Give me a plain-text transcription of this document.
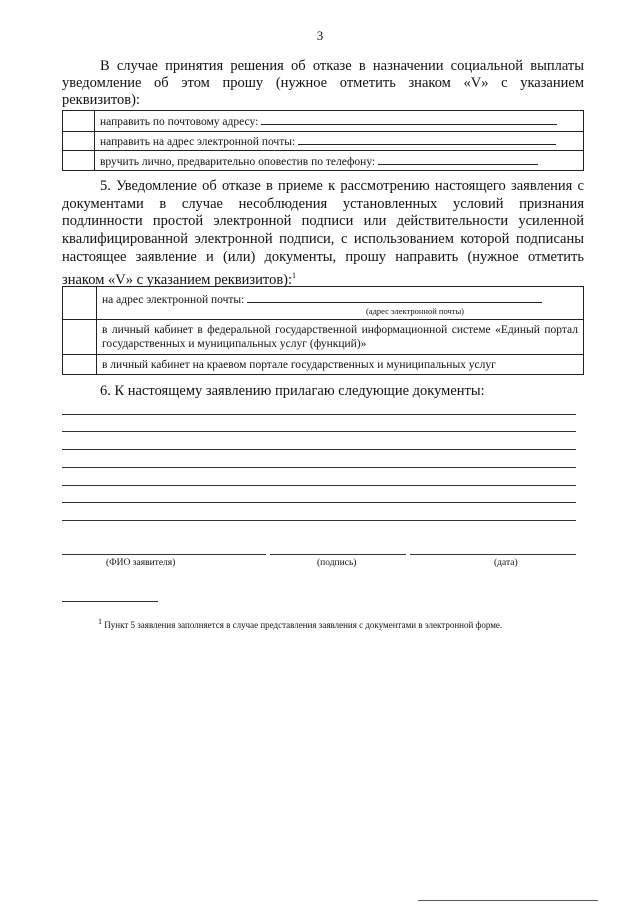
3
В случае принятия решения об отказе в назначении социальной выплаты уведомление об этом прошу (нужное отметить знаком «V» с указанием реквизитов):
	направить по почтовому адресу:
	направить на адрес электронной почты:
	вручить лично, предварительно оповестив по телефону:
5. Уведомление об отказе в приеме к рассмотрению настоящего заявления с документами в случае несоблюдения установленных условий признания подлинности простой электронной подписи или действительности усиленной квалифицированной электронной подписи, с использованием которой подписаны настоящее заявление и (или) документы, прошу направить (нужное отметить знаком «V» с указанием реквизитов):$^1$

	на адрес электронной почты:
(адрес электронной почты)

	в личный кабинет в федеральной государственной информационной системе «Единый портал государственных и муниципальных услуг (функций)»
	в личный кабинет на краевом портале государственных и муниципальных услуг
6. К настоящему заявлению прилагаю следующие документы:
(ФИО заявителя)	(подпись)	(дата)
$^1$ Пункт 5 заявления заполняется в случае представления заявления с документами в электронной форме.
